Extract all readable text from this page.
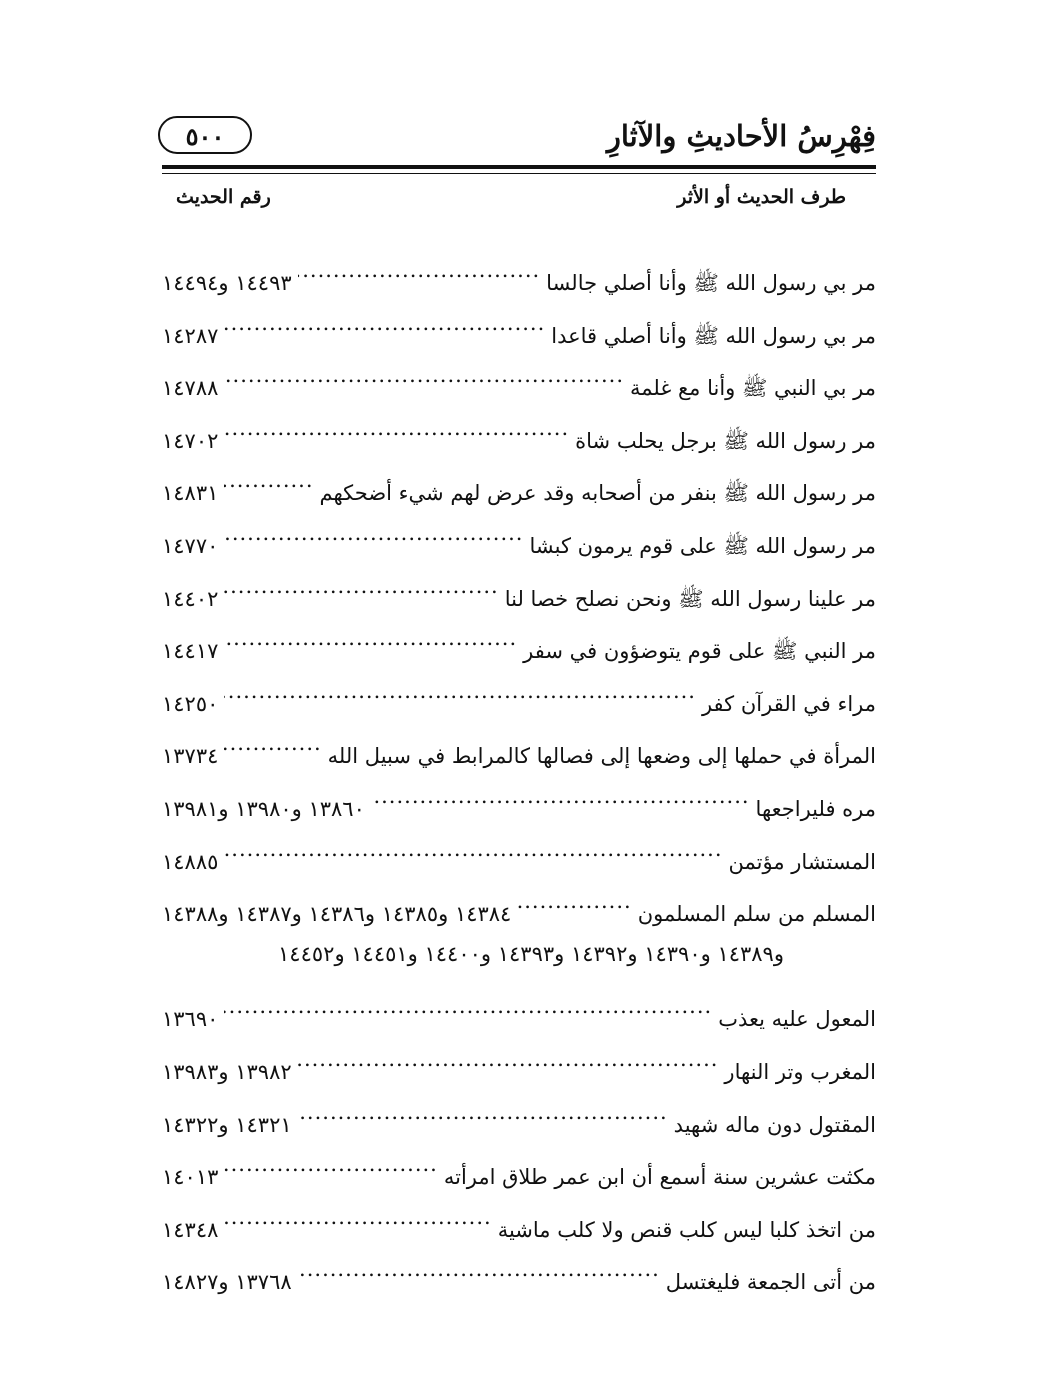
فِهْرِسُ الأحاديثِ والآثارِ
٥٠٠
طرف الحديث أو الأثر
رقم الحديث
مر بي رسول الله ﷺ وأنا أصلي جالسا
.....
١٤٤٩٣ و١٤٤٩٤
مر بي رسول الله ﷺ وأنا أصلي قاعدا
.....
١٤٢٨٧
مر بي النبي ﷺ وأنا مع غلمة
.....
١٤٧٨٨
مر رسول الله ﷺ برجل يحلب شاة
.....
١٤٧٠٢
مر رسول الله ﷺ بنفر من أصحابه وقد عرض لهم شيء أضحكهم
.....
١٤٨٣١
مر رسول الله ﷺ على قوم يرمون كبشا
.....
١٤٧٧٠
مر علينا رسول الله ﷺ ونحن نصلح خصا لنا
.....
١٤٤٠٢
مر النبي ﷺ على قوم يتوضؤون في سفر
.....
١٤٤١٧
مراء في القرآن كفر
.....
١٤٢٥٠
المرأة في حملها إلى وضعها إلى فصالها كالمرابط في سبيل الله
.....
١٣٧٣٤
مره فليراجعها
.....
١٣٨٦٠ و١٣٩٨٠ و١٣٩٨١
المستشار مؤتمن
.....
١٤٨٨٥
المسلم من سلم المسلمون
.....
١٤٣٨٤ و١٤٣٨٥ و١٤٣٨٦ و١٤٣٨٧ و١٤٣٨٨
و١٤٣٨٩ و١٤٣٩٠ و١٤٣٩٢ و١٤٣٩٣ و١٤٤٠٠ و١٤٤٥١ و١٤٤٥٢
المعول عليه يعذب
.....
١٣٦٩٠
المغرب وتر النهار
.....
١٣٩٨٢ و١٣٩٨٣
المقتول دون ماله شهيد
.....
١٤٣٢١ و١٤٣٢٢
مكثت عشرين سنة أسمع أن ابن عمر طلاق امرأته
.....
١٤٠١٣
من اتخذ كلبا ليس كلب قنص ولا كلب ماشية
.....
١٤٣٤٨
من أتى الجمعة فليغتسل
.....
١٣٧٦٨ و١٤٨٢٧
